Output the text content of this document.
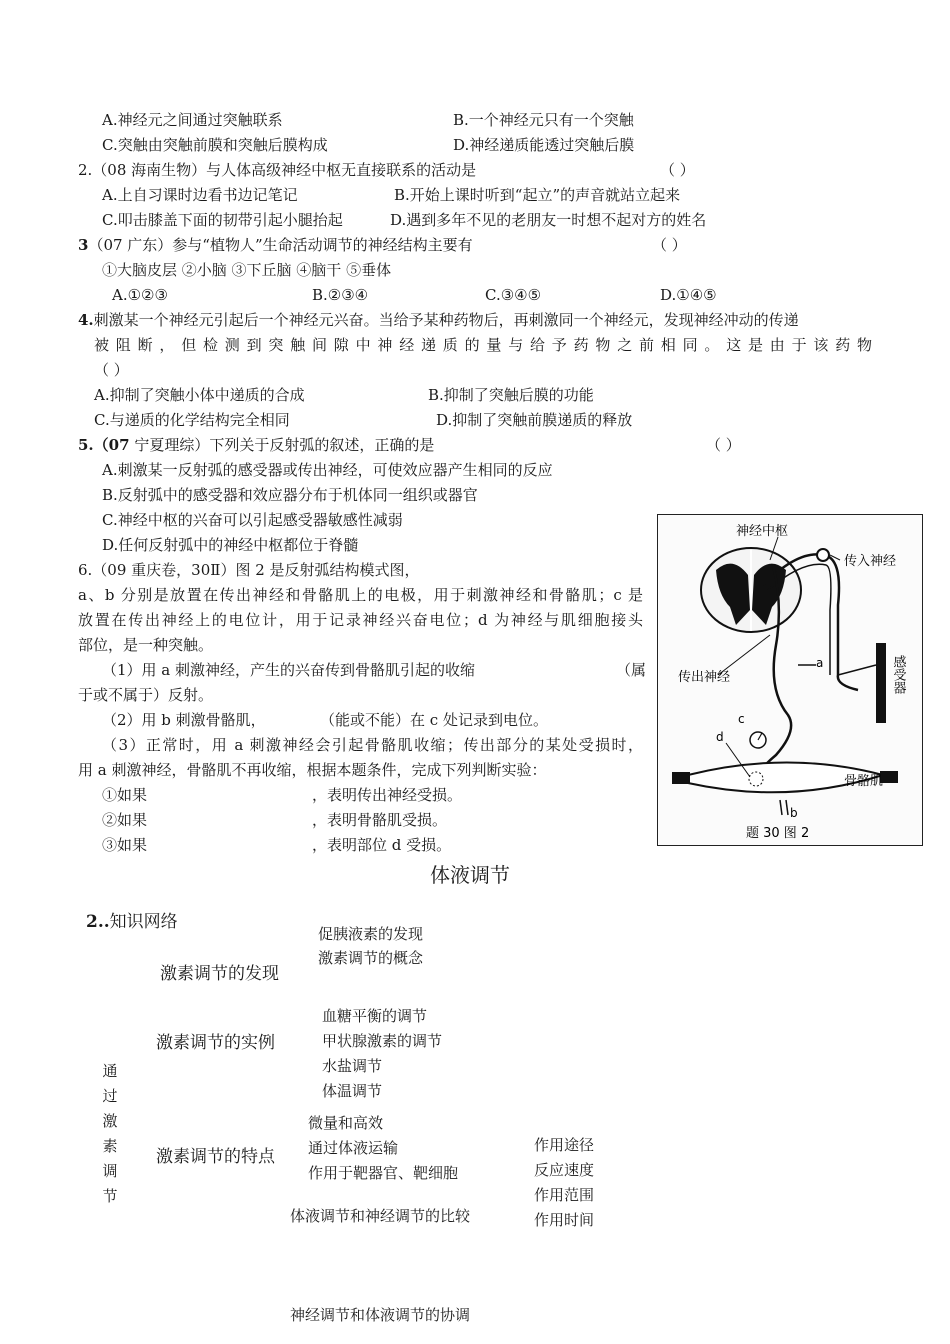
A.神经元之间通过突触联系	B.一个神经元只有一个突触
C.突触由突触前膜和突触后膜构成	D.神经递质能透过突触后膜
2.（08 海南生物）与人体高级神经中枢无直接联系的活动是	（ ）
A.上自习课时边看书边记笔记	B.开始上课时听到“起立”的声音就站立起来
C.叩击膝盖下面的韧带引起小腿抬起	D.遇到多年不见的老朋友一时想不起对方的姓名
3（07 广东）参与“植物人”生命活动调节的神经结构主要有	（ ）
①大脑皮层 ②小脑 ③下丘脑 ④脑干 ⑤垂体
A.①②③	B.②③④	C.③④⑤	D.①④⑤
4.刺激某一个神经元引起后一个神经元兴奋。当给予某种药物后，再刺激同一个神经元，发现神经冲动的传递
被阻断，但检测到突触间隙中神经递质的量与给予药物之前相同。这是由于该药物
（ ）
A.抑制了突触小体中递质的合成	B.抑制了突触后膜的功能
C.与递质的化学结构完全相同	D.抑制了突触前膜递质的释放
5.（07 宁夏理综）下列关于反射弧的叙述，正确的是	（ ）
A.刺激某一反射弧的感受器或传出神经，可使效应器产生相同的反应
B.反射弧中的感受器和效应器分布于机体同一组织或器官
C.神经中枢的兴奋可以引起感受器敏感性减弱
D.任何反射弧中的神经中枢都位于脊髓
6.（09 重庆卷，30Ⅱ）图 2 是反射弧结构模式图，
a、b 分别是放置在传出神经和骨骼肌上的电极，用于刺激神经和骨骼肌；c 是
放置在传出神经上的电位计，用于记录神经兴奋电位；d 为神经与肌细胞接头
部位，是一种突触。
（1）用 a 刺激神经，产生的兴奋传到骨骼肌引起的收缩	（属
于或不属于）反射。
（2）用 b 刺激骨骼肌，	（能或不能）在 c 处记录到电位。
（3）正常时，用 a 刺激神经会引起骨骼肌收缩；传出部分的某处受损时，
用 a 刺激神经，骨骼肌不再收缩，根据本题条件，完成下列判断实验：
①如果	，表明传出神经受损。
②如果	，表明骨骼肌受损。
③如果	，表明部位 d 受损。
神经中枢
传入神经
传出神经	感受器
骨骼肌
a
b
c
d
题 30 图 2
体液调节
2..知识网络
通
过
激
素
调
节
促胰液素的发现
激素调节的发现
激素调节的概念
血糖平衡的调节
甲状腺激素的调节
激素调节的实例
水盐调节
体温调节
微量和高效
通过体液运输
激素调节的特点
作用于靶器官、靶细胞
作用途径
反应速度
作用范围
作用时间
体液调节和神经调节的比较
神经调节和体液调节的协调
